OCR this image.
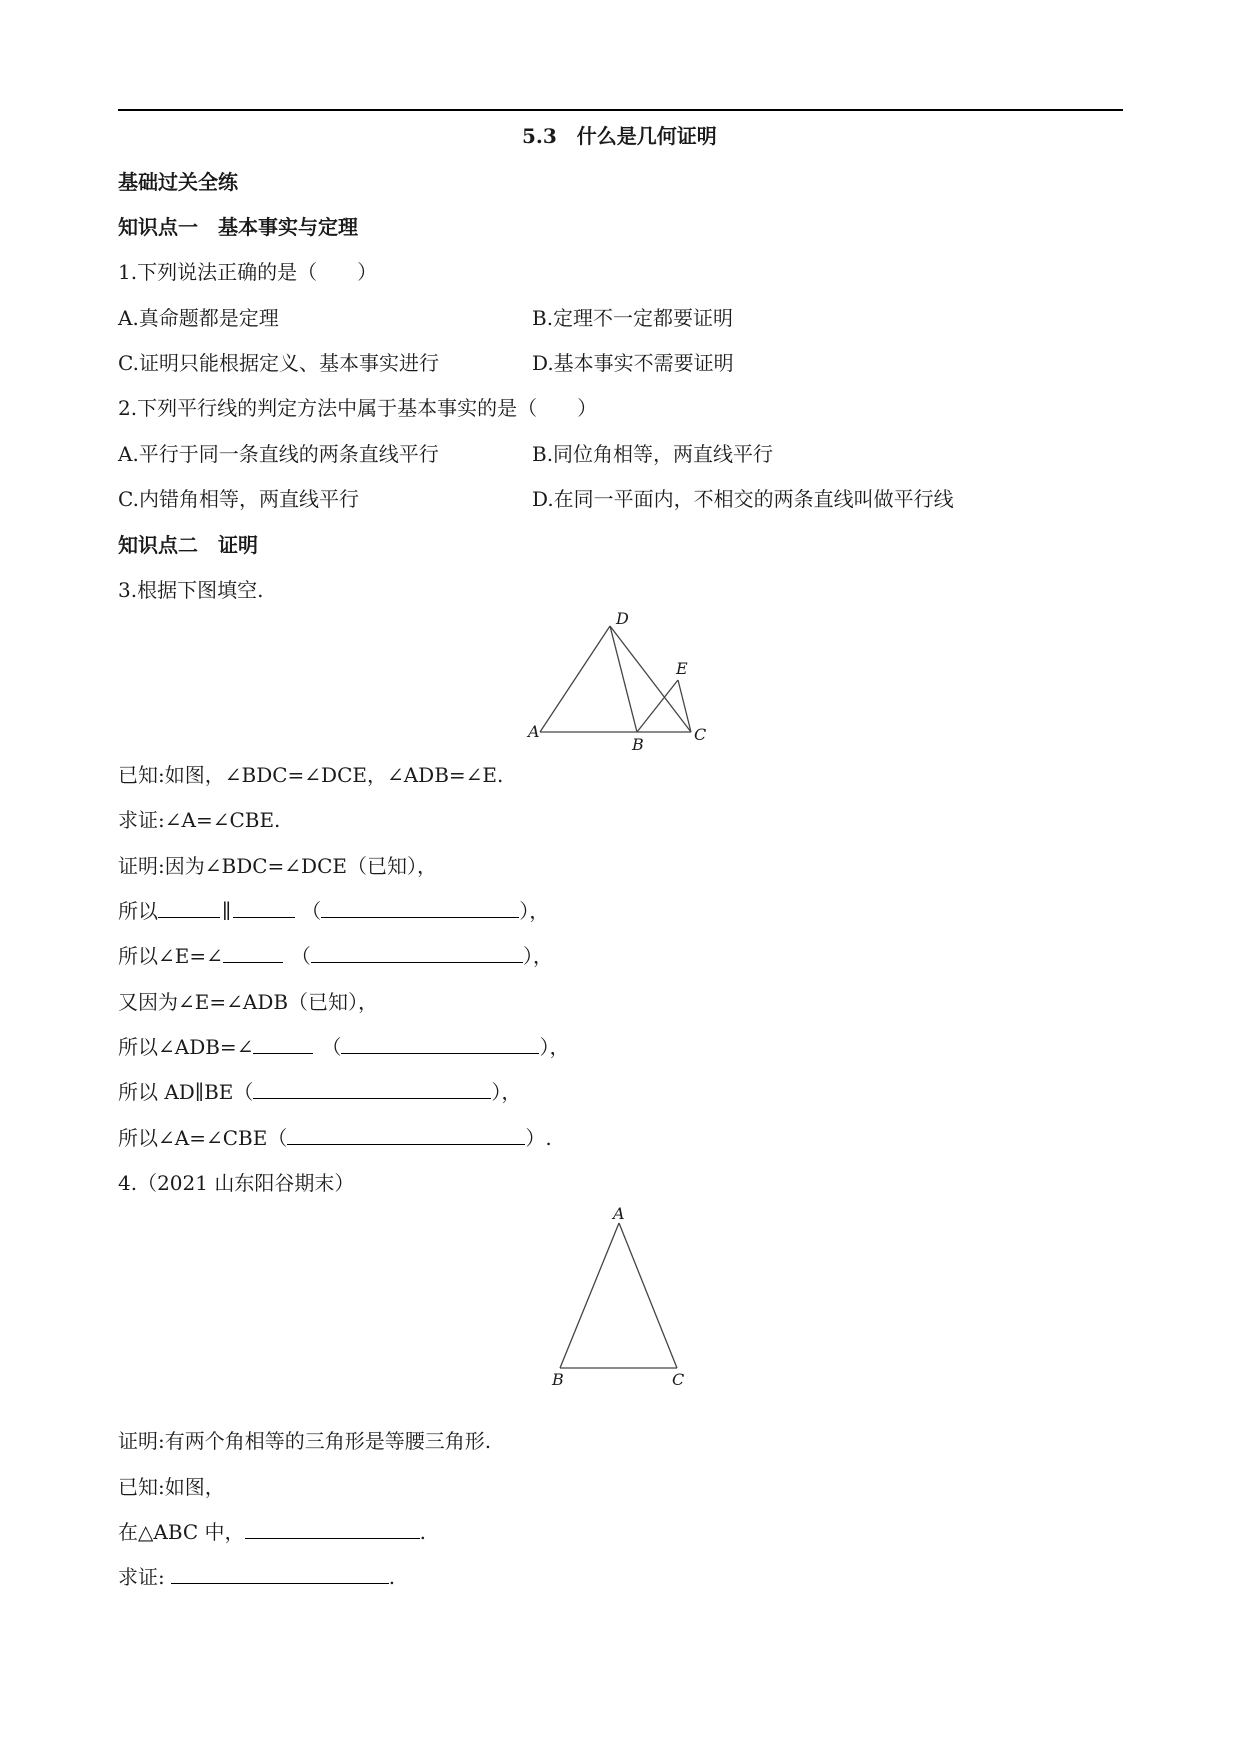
5.3　什么是几何证明
基础过关全练
知识点一　基本事实与定理
1.下列说法正确的是（　　）
A.真命题都是定理	B.定理不一定都要证明
C.证明只能根据定义、基本事实进行	D.基本事实不需要证明
2.下列平行线的判定方法中属于基本事实的是（　　）
A.平行于同一条直线的两条直线平行	B.同位角相等，两直线平行
C.内错角相等，两直线平行	D.在同一平面内，不相交的两条直线叫做平行线
知识点二　证明
3.根据下图填空.
D
E
A
B
C
已知:如图，∠BDC=∠DCE，∠ADB=∠E.
求证:∠A=∠CBE.
证明:因为∠BDC=∠DCE（已知），
所以	∥	（	），
所以∠E=∠	（	），
又因为∠E=∠ADB（已知），
所以∠ADB=∠	（	），
所以 AD∥BE（	），
所以∠A=∠CBE（	）.
4.（2021 山东阳谷期末）
A
B	C
证明:有两个角相等的三角形是等腰三角形.
已知:如图，
在△ABC 中，	.
求证:	.
